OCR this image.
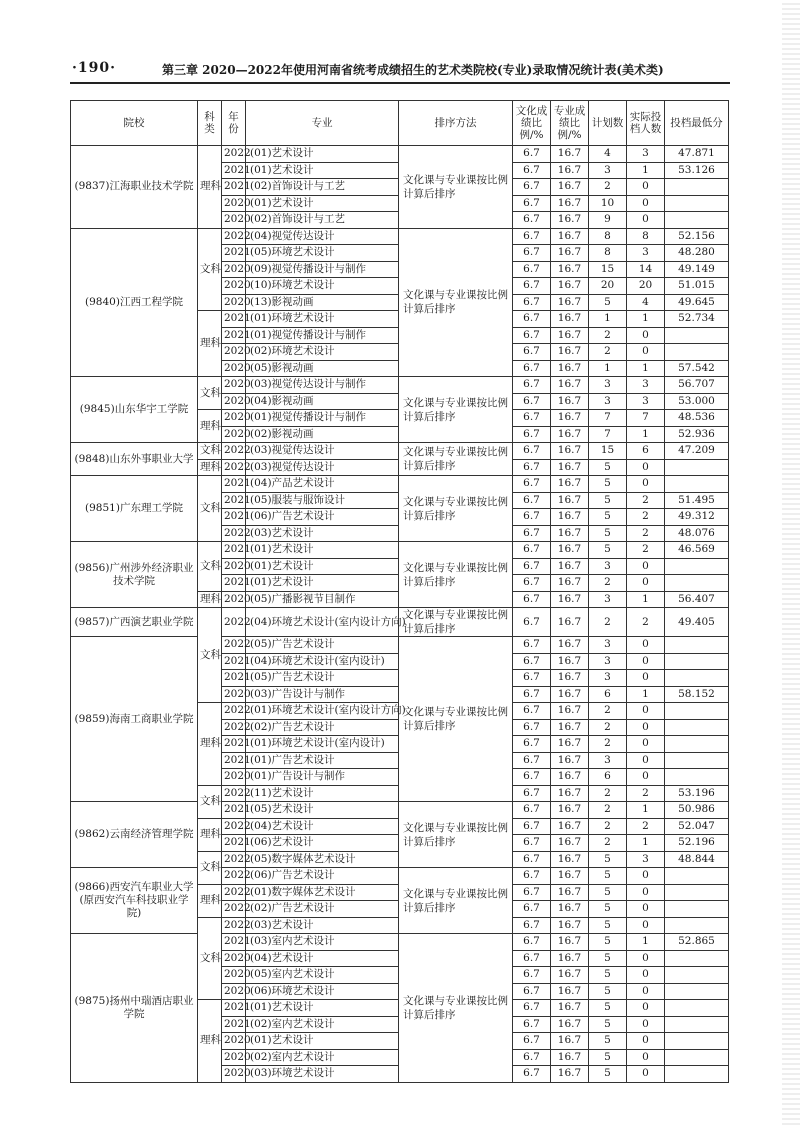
·190·	第三章 2020—2022年使用河南省统考成绩招生的艺术类院校(专业)录取情况统计表(美术类)
院校	科类	年份	专业	排序方法	文化成绩比例/%	专业成绩比例/%	计划数	实际投档人数	投档最低分
(9837)江海职业技术学院	理科	2022	(01)艺术设计	文化课与专业课按比例计算后排序	6.7	16.7	4	3	47.871
		2021	(01)艺术设计		6.7	16.7	3	1	53.126
		2021	(02)首饰设计与工艺		6.7	16.7	2	0	
		2020	(01)艺术设计		6.7	16.7	10	0	
		2020	(02)首饰设计与工艺		6.7	16.7	9	0	
(9840)江西工程学院	文科	2022	(04)视觉传达设计	文化课与专业课按比例计算后排序	6.7	16.7	8	8	52.156
		2021	(05)环境艺术设计		6.7	16.7	8	3	48.280
		2020	(09)视觉传播设计与制作		6.7	16.7	15	14	49.149
		2020	(10)环境艺术设计		6.7	16.7	20	20	51.015
		2020	(13)影视动画		6.7	16.7	5	4	49.645
	理科	2021	(01)环境艺术设计		6.7	16.7	1	1	52.734
		2021	(01)视觉传播设计与制作		6.7	16.7	2	0	
		2020	(02)环境艺术设计		6.7	16.7	2	0	
		2020	(05)影视动画		6.7	16.7	1	1	57.542
(9845)山东华宇工学院	文科	2020	(03)视觉传达设计与制作	文化课与专业课按比例计算后排序	6.7	16.7	3	3	56.707
		2020	(04)影视动画		6.7	16.7	3	3	53.000
	理科	2020	(01)视觉传播设计与制作		6.7	16.7	7	7	48.536
		2020	(02)影视动画		6.7	16.7	7	1	52.936
(9848)山东外事职业大学	文科	2022	(03)视觉传达设计	文化课与专业课按比例计算后排序	6.7	16.7	15	6	47.209
	理科	2022	(03)视觉传达设计		6.7	16.7	5	0	
(9851)广东理工学院	文科	2021	(04)产品艺术设计	文化课与专业课按比例计算后排序	6.7	16.7	5	0	
		2021	(05)服装与服饰设计		6.7	16.7	5	2	51.495
		2021	(06)广告艺术设计		6.7	16.7	5	2	49.312
		2022	(03)艺术设计		6.7	16.7	5	2	48.076
(9856)广州涉外经济职业技术学院	文科	2021	(01)艺术设计	文化课与专业课按比例计算后排序	6.7	16.7	5	2	46.569
		2020	(01)艺术设计		6.7	16.7	3	0	
		2021	(01)艺术设计		6.7	16.7	2	0	
	理科	2020	(05)广播影视节目制作		6.7	16.7	3	1	56.407
(9857)广西演艺职业学院	文科	2022	(04)环境艺术设计(室内设计方向)	文化课与专业课按比例计算后排序	6.7	16.7	2	2	49.405
(9859)海南工商职业学院		2022	(05)广告艺术设计	文化课与专业课按比例计算后排序	6.7	16.7	3	0	
		2021	(04)环境艺术设计(室内设计)		6.7	16.7	3	0	
		2021	(05)广告艺术设计		6.7	16.7	3	0	
		2020	(03)广告设计与制作		6.7	16.7	6	1	58.152
	理科	2022	(01)环境艺术设计(室内设计方向)		6.7	16.7	2	0	
		2022	(02)广告艺术设计		6.7	16.7	2	0	
		2021	(01)环境艺术设计(室内设计)		6.7	16.7	2	0	
		2021	(01)广告艺术设计		6.7	16.7	3	0	
		2020	(01)广告设计与制作		6.7	16.7	6	0	
	文科	2022	(11)艺术设计		6.7	16.7	2	2	53.196
(9862)云南经济管理学院		2021	(05)艺术设计	文化课与专业课按比例计算后排序	6.7	16.7	2	1	50.986
	理科	2022	(04)艺术设计		6.7	16.7	2	2	52.047
		2021	(06)艺术设计		6.7	16.7	2	1	52.196
	文科	2022	(05)数字媒体艺术设计		6.7	16.7	5	3	48.844
(9866)西安汽车职业大学(原西安汽车科技职业学院)		2022	(06)广告艺术设计	文化课与专业课按比例计算后排序	6.7	16.7	5	0	
	理科	2022	(01)数字媒体艺术设计		6.7	16.7	5	0	
		2022	(02)广告艺术设计		6.7	16.7	5	0	
	文科	2022	(03)艺术设计		6.7	16.7	5	0	
(9875)扬州中瑞酒店职业学院		2021	(03)室内艺术设计	文化课与专业课按比例计算后排序	6.7	16.7	5	1	52.865
		2020	(04)艺术设计		6.7	16.7	5	0	
		2020	(05)室内艺术设计		6.7	16.7	5	0	
		2020	(06)环境艺术设计		6.7	16.7	5	0	
	理科	2021	(01)艺术设计		6.7	16.7	5	0	
		2021	(02)室内艺术设计		6.7	16.7	5	0	
		2020	(01)艺术设计		6.7	16.7	5	0	
		2020	(02)室内艺术设计		6.7	16.7	5	0	
		2020	(03)环境艺术设计		6.7	16.7	5	0	
